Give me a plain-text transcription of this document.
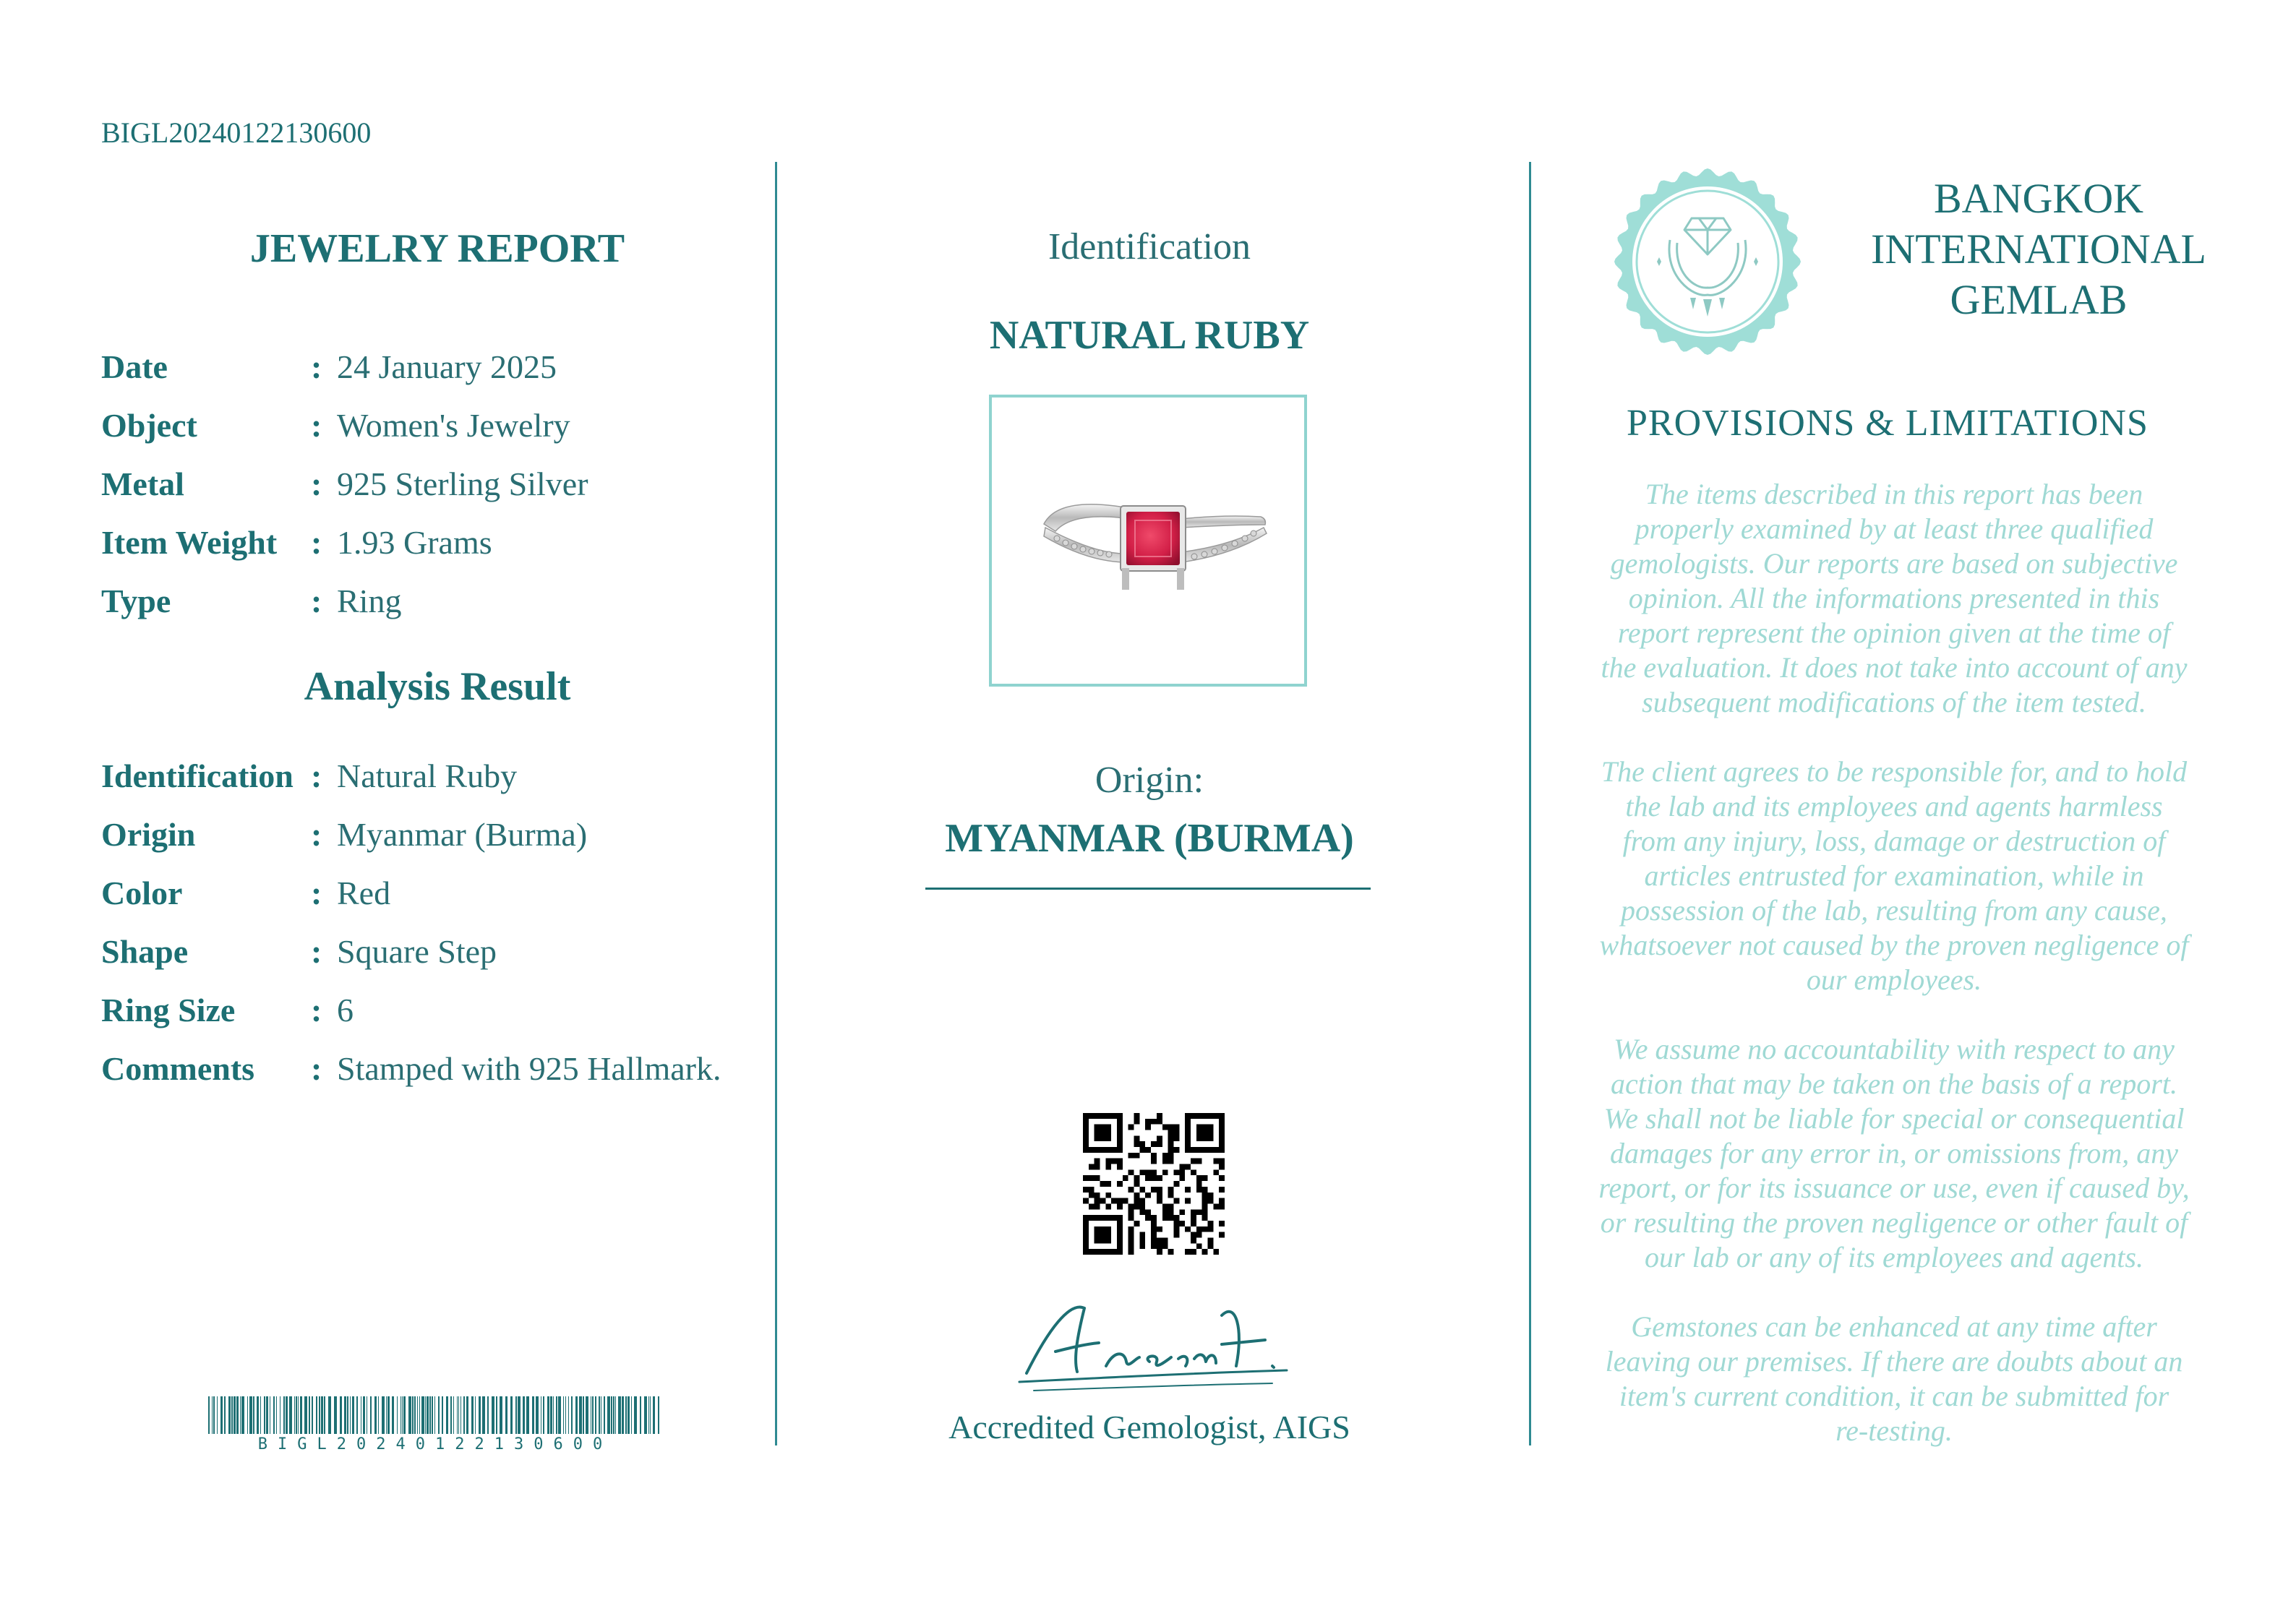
BIGL20240122130600
JEWELRY REPORT
Date	: 24 January 2025
Object	: Women's Jewelry
Metal	: 925 Sterling Silver
Item Weight	: 1.93 Grams
Type	: Ring
Analysis Result
Identification : Natural Ruby
Origin	: Myanmar (Burma)
Color	: Red
Shape	: Square Step
Ring Size	: 6
Comments	: Stamped with 925 Hallmark.
BIGL20240122130600
Identification
NATURAL RUBY
Origin:
MYANMAR (BURMA)
Accredited Gemologist, AIGS
BANGKOK
INTERNATIONAL
GEMLAB
PROVISIONS & LIMITATIONS
The items described in this report has been
properly examined by at least three qualified
gemologists. Our reports are based on subjective
opinion. All the informations presented in this
report represent the opinion given at the time of
the evaluation. It does not take into account of any
subsequent modifications of the item tested.
The client agrees to be responsible for, and to hold
the lab and its employees and agents harmless
from any injury, loss, damage or destruction of
articles entrusted for examination, while in
possession of the lab, resulting from any cause,
whatsoever not caused by the proven negligence of
our employees.
We assume no accountability with respect to any
action that may be taken on the basis of a report.
We shall not be liable for special or consequential
damages for any error in, or omissions from, any
report, or for its issuance or use, even if caused by,
or resulting the proven negligence or other fault of
our lab or any of its employees and agents.
Gemstones can be enhanced at any time after
leaving our premises. If there are doubts about an
item's current condition, it can be submitted for
re-testing.
